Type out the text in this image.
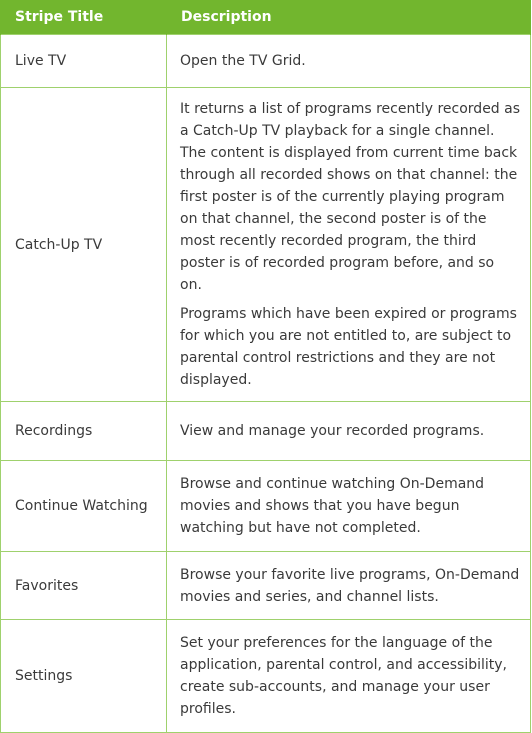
Stripe Title	Description
Live TV	Open the TV Grid.

Catch-Up TV	It returns a list of programs recently recorded as a Catch-Up TV playback for a single channel. The content is displayed from current time back through all recorded shows on that channel: the first poster is of the currently playing program on that channel, the second poster is of the most recently recorded program, the third poster is of recorded program before, and so on.

Programs which have been expired or programs for which you are not entitled to, are subject to parental control restrictions and they are not displayed.

Recordings	View and manage your recorded programs.

Continue Watching	Browse and continue watching On-Demand movies and shows that you have begun watching but have not completed.

Favorites	Browse your favorite live programs, On-Demand movies and series, and channel lists.

Settings	Set your preferences for the language of the application, parental control, and accessibility, create sub-accounts, and manage your user profiles.
